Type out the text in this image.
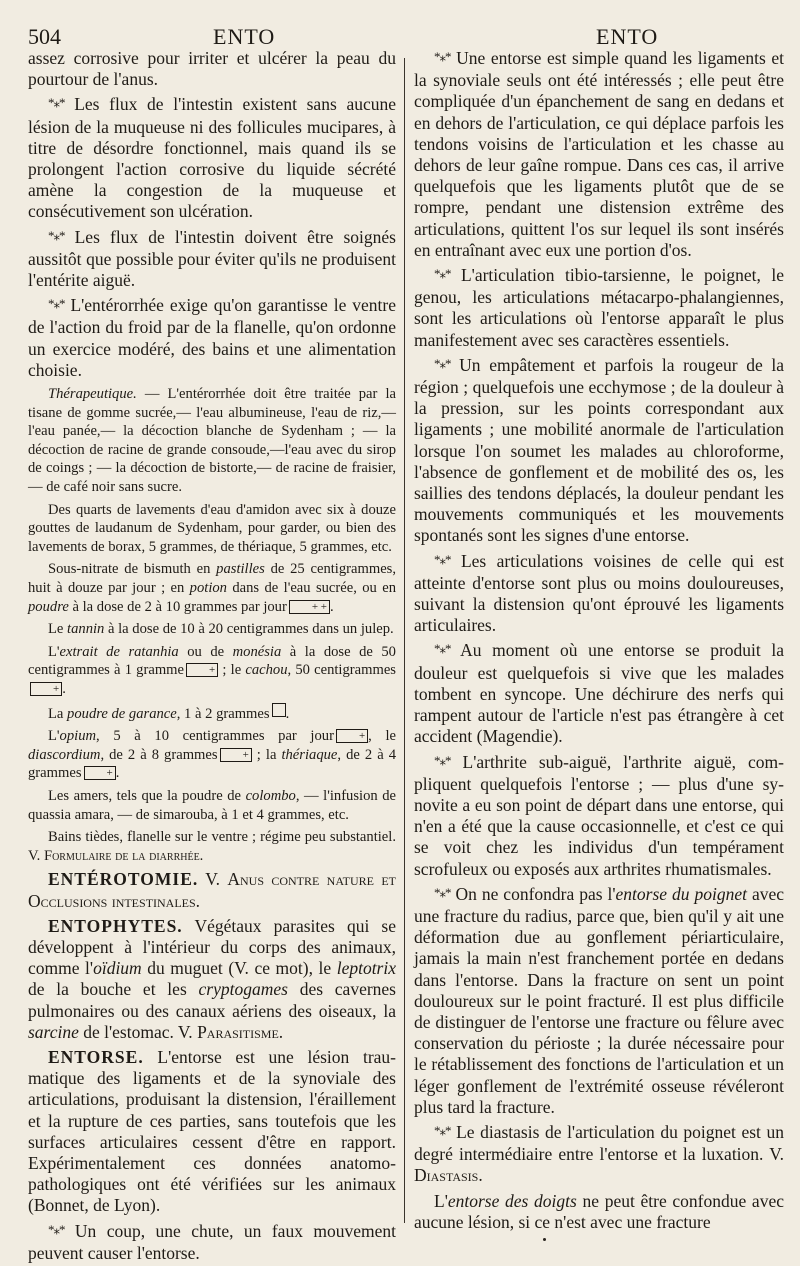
504	ENTO	ENTO

assez corrosive pour irriter et ulcérer la peau du pourtour de l'anus.

*⁎* Les flux de l'intestin existent sans aucune lésion de la muqueuse ni des follicules mucipares, à titre de désordre fonctionnel, mais quand ils se prolongent l'action corrosive du liquide sécrété amène la congestion de la muqueuse et consécutivement son ulcération.

*⁎* Les flux de l'intestin doivent être soignés aussitôt que possible pour éviter qu'ils ne produisent l'entérite aiguë.

*⁎* L'entérorrhée exige qu'on garantisse le ventre de l'action du froid par de la flanelle, qu'on ordonne un exercice modéré, des bains et une alimentation choisie.

Thérapeutique. — L'entérorrhée doit être traitée par la tisane de gomme sucrée,— l'eau albumineuse, l'eau de riz,— l'eau panée,— la décoction blanche de Sydenham ; — la décoction de racine de grande consoude,—l'eau avec du sirop de coings ; — la décoction de bistorte,— de racine de fraisier,— de café noir sans sucre.

Des quarts de lavements d'eau d'amidon avec six à douze gouttes de laudanum de Sydenham, pour garder, ou bien des lavements de borax, 5 grammes, de thériaque, 5 grammes, etc.

Sous-nitrate de bismuth en pastilles de 25 centigrammes, huit à douze par jour ; en potion dans de l'eau sucrée, ou en poudre à la dose de 2 à 10 grammes par jour + + .

Le tannin à la dose de 10 à 20 centigrammes dans un julep.

L'extrait de ratanhia ou de monésia à la dose de 50 centigrammes à 1 gramme + ; le cachou, 50 centigrammes+ .

La poudre de garance, 1 à 2 grammes .

L'opium, 5 à 10 centigrammes par jour + , le diascordium, de 2 à 8 grammes + ; la thériaque, de 2 à 4 grammes + .

Les amers, tels que la poudre de colombo, — l'infusion de quassia amara, — de simarouba, à 1 et 4 grammes, etc.

Bains tièdes, flanelle sur le ventre ; régime peu substantiel. V. Formulaire de la diarrhée.

ENTÉROTOMIE. V. Anus contre nature et Occlusions intestinales.

ENTOPHYTES. Végétaux parasites qui se développent à l'intérieur du corps des animaux, comme l'oïdium du muguet (V. ce mot), le leptotrix de la bouche et les cryptogames des cavernes pulmonaires ou des canaux aériens des oiseaux, la sarcine de l'estomac. V. Parasitisme.

ENTORSE. L'entorse est une lésion traumatique des ligaments et de la synoviale des articulations, produisant la distension, l'éraillement et la rupture de ces parties, sans toutefois que les surfaces articulaires cessent d'être en rapport. Expérimentalement ces données anatomo-pathologiques ont été vérifiées sur les animaux (Bonnet, de Lyon).

*⁎* Un coup, une chute, un faux mouvement peuvent causer l'entorse.

*⁎* Une entorse est simple quand les ligaments et la synoviale seuls ont été intéressés ; elle peut être compliquée d'un épanchement de sang en dedans et en dehors de l'articulation, ce qui déplace parfois les tendons voisins de l'articulation et les chasse au dehors de leur gaîne rompue. Dans ces cas, il arrive quelquefois que les ligaments plutôt que de se rompre, pendant une distension extrême des articulations, quittent l'os sur lequel ils sont insérés en entraînant avec eux une portion d'os.

*⁎* L'articulation tibio-tarsienne, le poignet, le genou, les articulations métacarpo-phalangiennes, sont les articulations où l'entorse apparaît le plus manifestement avec ses caractères essentiels.

*⁎* Un empâtement et parfois la rougeur de la région ; quelquefois une ecchymose ; de la douleur à la pression, sur les points correspondant aux ligaments ; une mobilité anormale de l'articulation lorsque l'on soumet les malades au chloroforme, l'absence de gonflement et de mobilité des os, les saillies des tendons déplacés, la douleur pendant les mouvements communiqués et les mouvements spontanés sont les signes d'une entorse.

*⁎* Les articulations voisines de celle qui est atteinte d'entorse sont plus ou moins douloureuses, suivant la distension qu'ont éprouvé les ligaments articulaires.

*⁎* Au moment où une entorse se produit la douleur est quelquefois si vive que les malades tombent en syncope. Une déchirure des nerfs qui rampent autour de l'article n'est pas étrangère à cet accident (Magendie).

*⁎* L'arthrite sub-aiguë, l'arthrite aiguë, compliquent quelquefois l'entorse ; — plus d'une synovite a eu son point de départ dans une entorse, qui n'en a été que la cause occasionnelle, et c'est ce qui se voit chez les individus d'un tempérament scrofuleux ou exposés aux arthrites rhumatismales.

*⁎* On ne confondra pas l'entorse du poignet avec une fracture du radius, parce que, bien qu'il y ait une déformation due au gonflement périarticulaire, jamais la main n'est franchement portée en dedans dans l'entorse. Dans la fracture on sent un point douloureux sur le point fracturé. Il est plus difficile de distinguer de l'entorse une fracture ou fêlure avec conservation du périoste ; la durée nécessaire pour le rétablissement des fonctions de l'articulation et un léger gonflement de l'extrémité osseuse révéleront plus tard la fracture.

*⁎* Le diastasis de l'articulation du poignet est un degré intermédiaire entre l'entorse et la luxation. V. Diastasis.

L'entorse des doigts ne peut être confondue avec aucune lésion, si ce n'est avec une fracture
